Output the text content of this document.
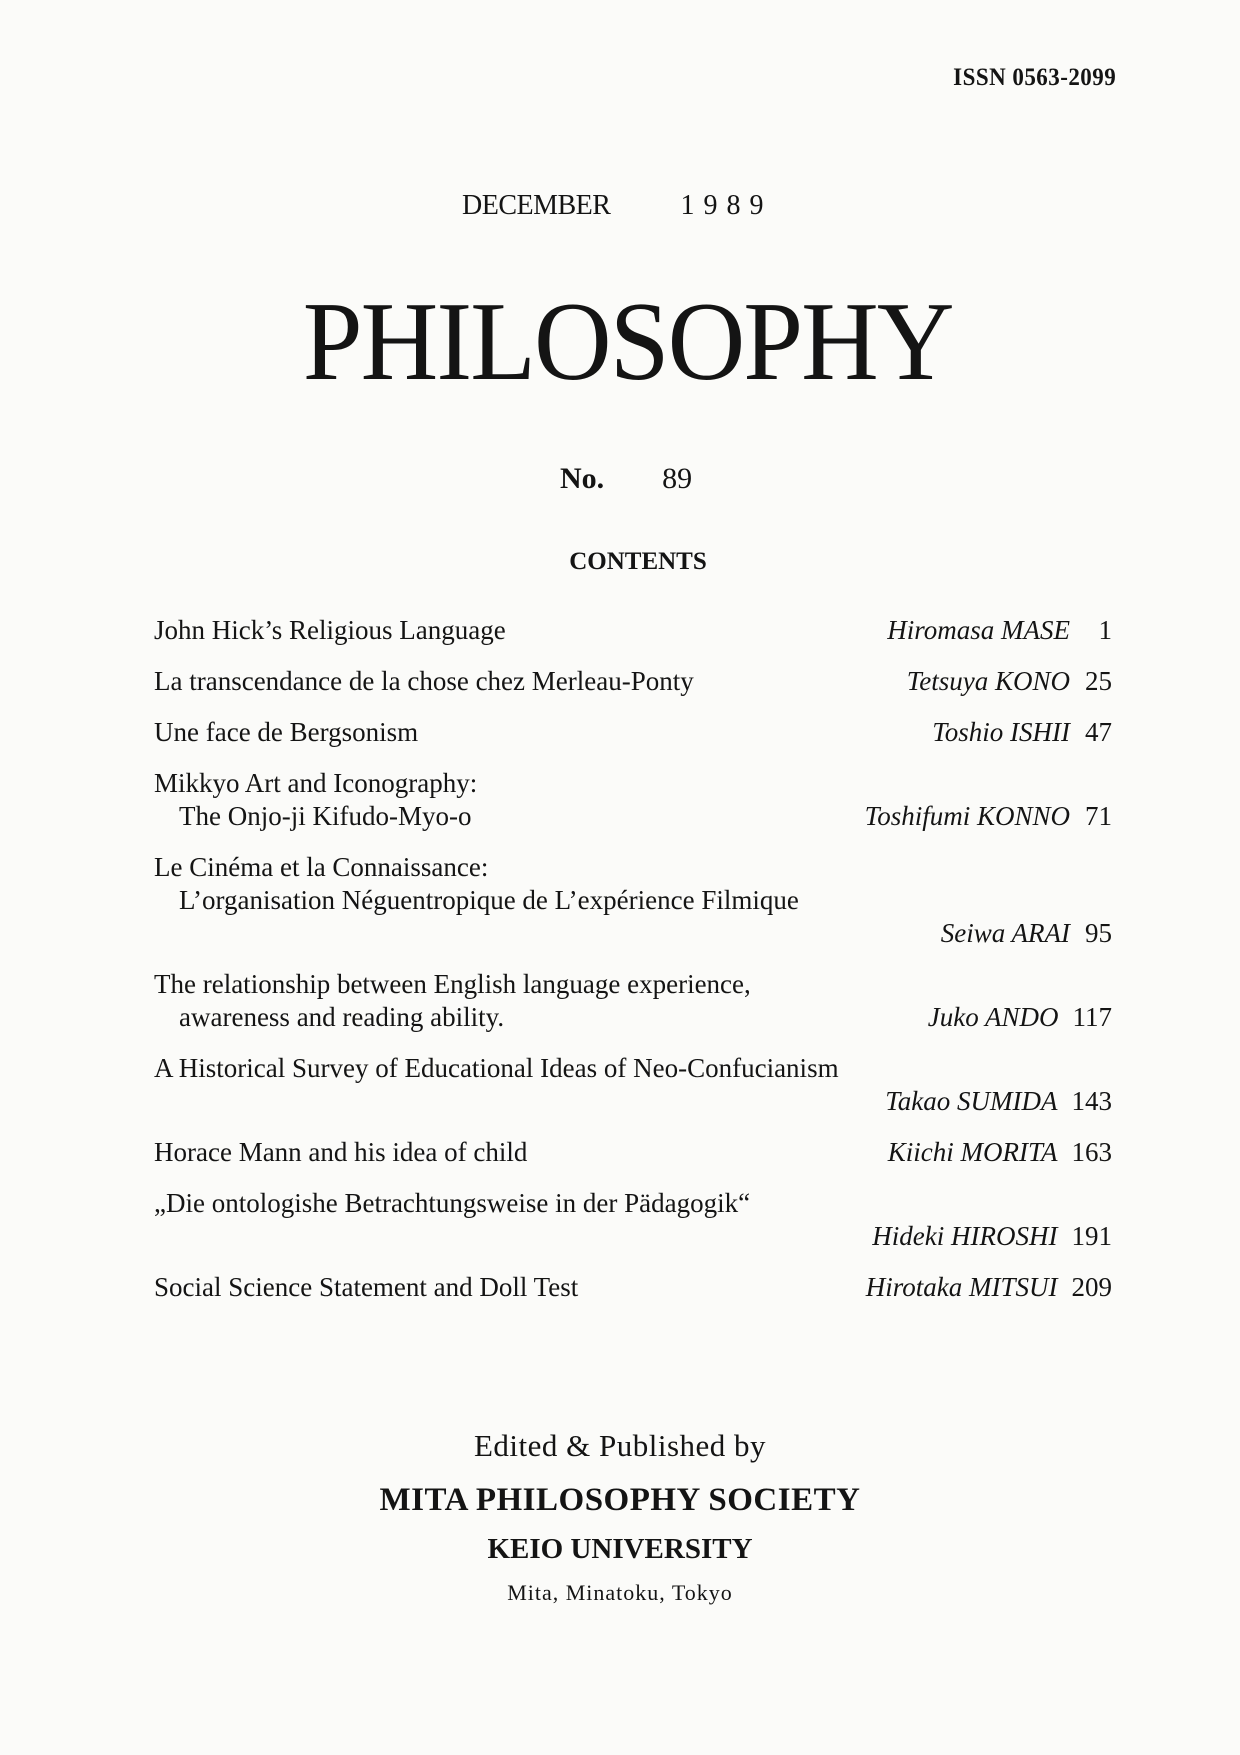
ISSN 0563-2099
DECEMBER	1989
PHILOSOPHY
No. 89
CONTENTS
John Hick’s Religious Language	Hiromasa MASE	1
La transcendance de la chose chez Merleau-Ponty	Tetsuya KONO 25
Une face de Bergsonism	Toshio ISHII 47
Mikkyo Art and Iconography:
The Onjo-ji Kifudo-Myo-o	Toshifumi KONNO 71
Le Cinéma et la Connaissance:
L’organisation Néguentropique de L’expérience Filmique
Seiwa ARAI 95
The relationship between English language experience,
awareness and reading ability.	Juko ANDO 117
A Historical Survey of Educational Ideas of Neo-Confucianism
Takao SUMIDA 143
Horace Mann and his idea of child	Kiichi MORITA 163
„Die ontologishe Betrachtungsweise in der Pädagogik“
Hideki HIROSHI 191
Social Science Statement and Doll Test	Hirotaka MITSUI 209
Edited & Published by
MITA PHILOSOPHY SOCIETY
KEIO UNIVERSITY
Mita, Minatoku, Tokyo
